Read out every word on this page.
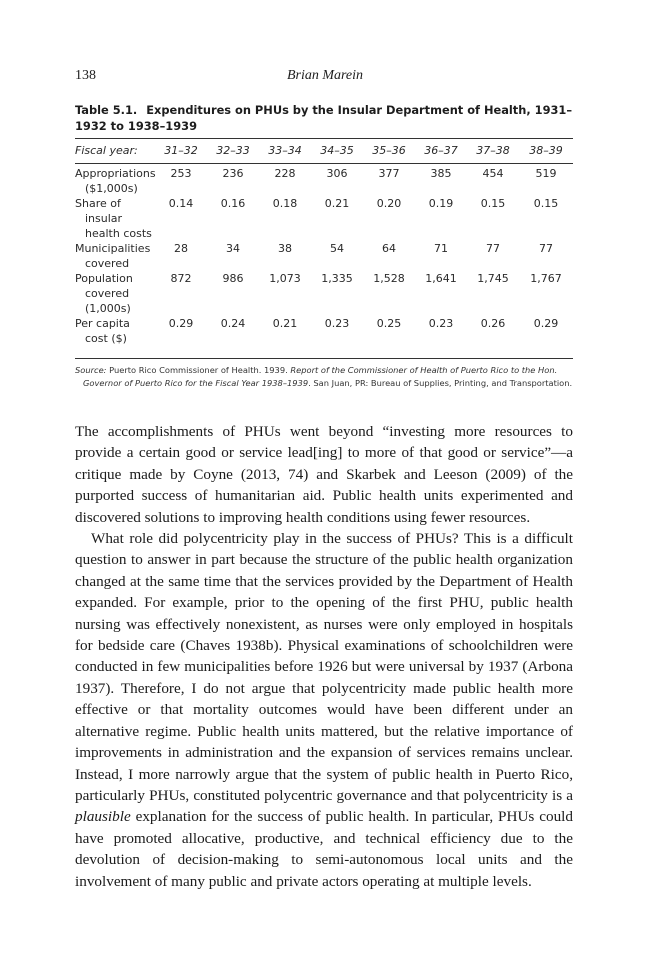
138	Brian Marein
Table 5.1. Expenditures on PHUs by the Insular Department of Health, 1931–1932 to 1938–1939
Fiscal year:	31–32	32–33	33–34	34–35	35–36	36–37	37–38	38–39
Appropriations ($1,000s)	253	236	228	306	377	385	454	519
Share of insular health costs	0.14	0.16	0.18	0.21	0.20	0.19	0.15	0.15
Municipalities covered	28	34	38	54	64	71	77	77
Population covered (1,000s)	872	986	1,073	1,335	1,528	1,641	1,745	1,767
Per capita cost ($)	0.29	0.24	0.21	0.23	0.25	0.23	0.26	0.29
Source: Puerto Rico Commissioner of Health. 1939. Report of the Commissioner of Health of Puerto Rico to the Hon. Governor of Puerto Rico for the Fiscal Year 1938–1939. San Juan, PR: Bureau of Supplies, Printing, and Transportation.

The accomplishments of PHUs went beyond “investing more resources to provide a certain good or service lead[ing] to more of that good or service”—a critique made by Coyne (2013, 74) and Skarbek and Leeson (2009) of the purported success of humanitarian aid. Public health units experimented and discovered solutions to improving health conditions using fewer resources.

What role did polycentricity play in the success of PHUs? This is a difficult question to answer in part because the structure of the public health organization changed at the same time that the services provided by the Department of Health expanded. For example, prior to the opening of the first PHU, public health nursing was effectively nonexistent, as nurses were only employed in hospitals for bedside care (Chaves 1938b). Physical examinations of schoolchildren were conducted in few municipalities before 1926 but were universal by 1937 (Arbona 1937). Therefore, I do not argue that polycentricity made public health more effective or that mortality outcomes would have been different under an alternative regime. Public health units mattered, but the relative importance of improvements in administration and the expansion of services remains unclear. Instead, I more narrowly argue that the system of public health in Puerto Rico, particularly PHUs, constituted polycentric governance and that polycentricity is a plausible explanation for the success of public health. In particular, PHUs could have promoted allocative, productive, and technical efficiency due to the devolution of decision-making to semi-autonomous local units and the involvement of many public and private actors operating at multiple levels.
